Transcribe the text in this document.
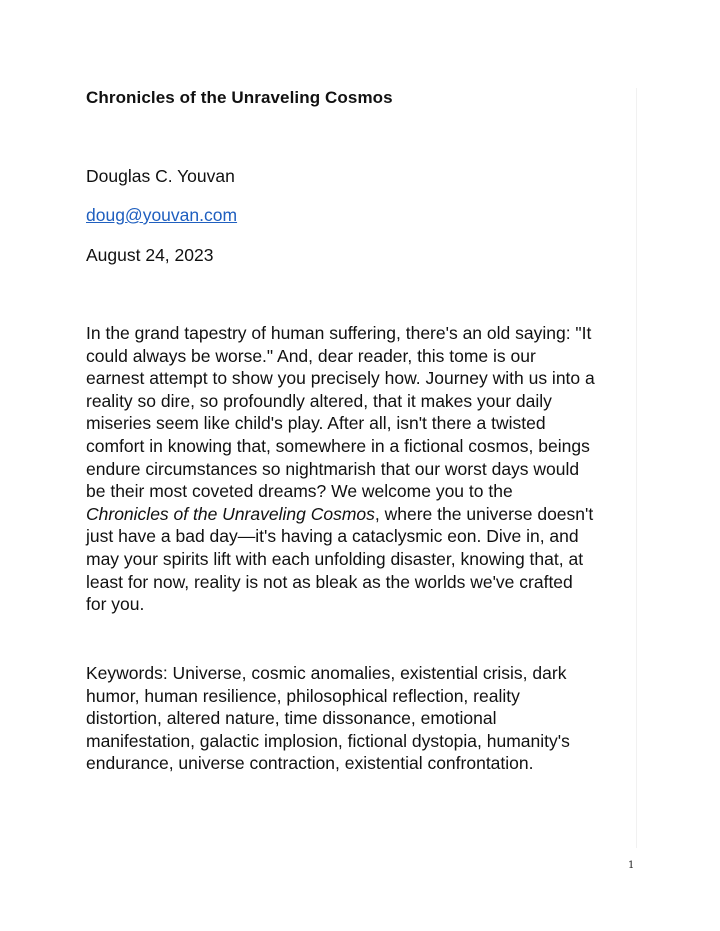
Chronicles of the Unraveling Cosmos
Douglas C. Youvan
doug@youvan.com
August 24, 2023
In the grand tapestry of human suffering, there's an old saying: "It
could always be worse." And, dear reader, this tome is our
earnest attempt to show you precisely how. Journey with us into a
reality so dire, so profoundly altered, that it makes your daily
miseries seem like child's play. After all, isn't there a twisted
comfort in knowing that, somewhere in a fictional cosmos, beings
endure circumstances so nightmarish that our worst days would
be their most coveted dreams? We welcome you to the
Chronicles of the Unraveling Cosmos, where the universe doesn't
just have a bad day—it's having a cataclysmic eon. Dive in, and
may your spirits lift with each unfolding disaster, knowing that, at
least for now, reality is not as bleak as the worlds we've crafted
for you.
Keywords: Universe, cosmic anomalies, existential crisis, dark
humor, human resilience, philosophical reflection, reality
distortion, altered nature, time dissonance, emotional
manifestation, galactic implosion, fictional dystopia, humanity's
endurance, universe contraction, existential confrontation.
1
